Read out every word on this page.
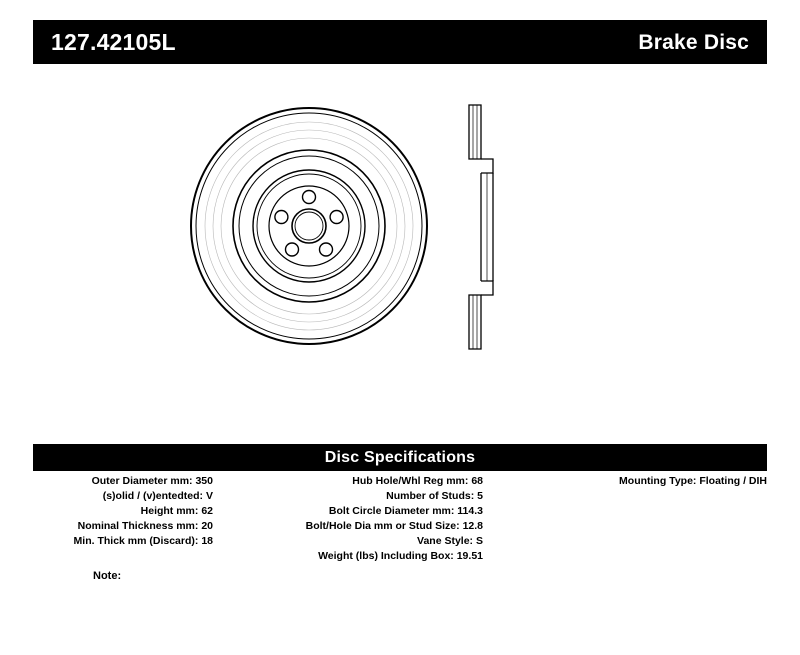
127.42105L	Brake Disc
Disc Specifications
Outer Diameter mm: 350
(s)olid / (v)entedted: V
Height mm: 62
Nominal Thickness mm: 20
Min. Thick mm (Discard): 18
Hub Hole/Whl Reg mm: 68
Number of Studs: 5
Bolt Circle Diameter mm: 114.3
Bolt/Hole Dia mm or Stud Size: 12.8
Vane Style: S
Weight (lbs) Including Box: 19.51
Mounting Type: Floating / DIH
Note:
